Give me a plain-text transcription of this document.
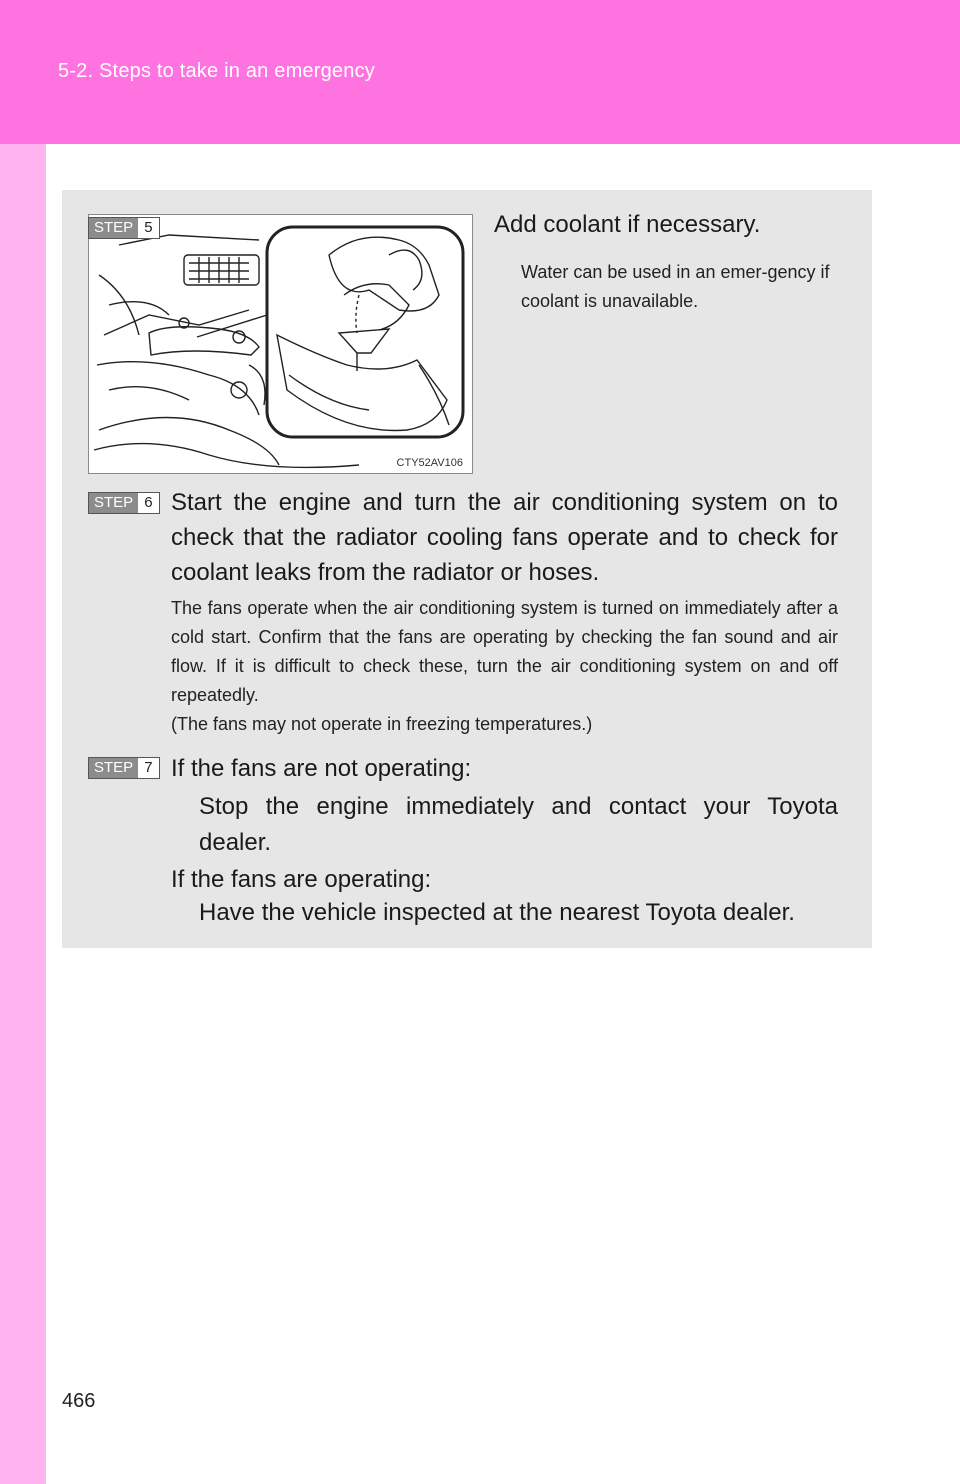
5-2. Steps to take in an emergency
CTY52AV106
STEP 5	Add coolant if necessary.
Water can be used in an emer-gency if coolant is unavailable.
STEP 6 Start the engine and turn the air conditioning system on to check that the radiator cooling fans operate and to check for coolant leaks from the radiator or hoses.
The fans operate when the air conditioning system is turned on immediately after a cold start. Confirm that the fans are operating by checking the fan sound and air flow. If it is difficult to check these, turn the air conditioning system on and off repeatedly.
(The fans may not operate in freezing temperatures.)
STEP 7 If the fans are not operating:
Stop the engine immediately and contact your Toyota dealer.
If the fans are operating:
Have the vehicle inspected at the nearest Toyota dealer.
466
